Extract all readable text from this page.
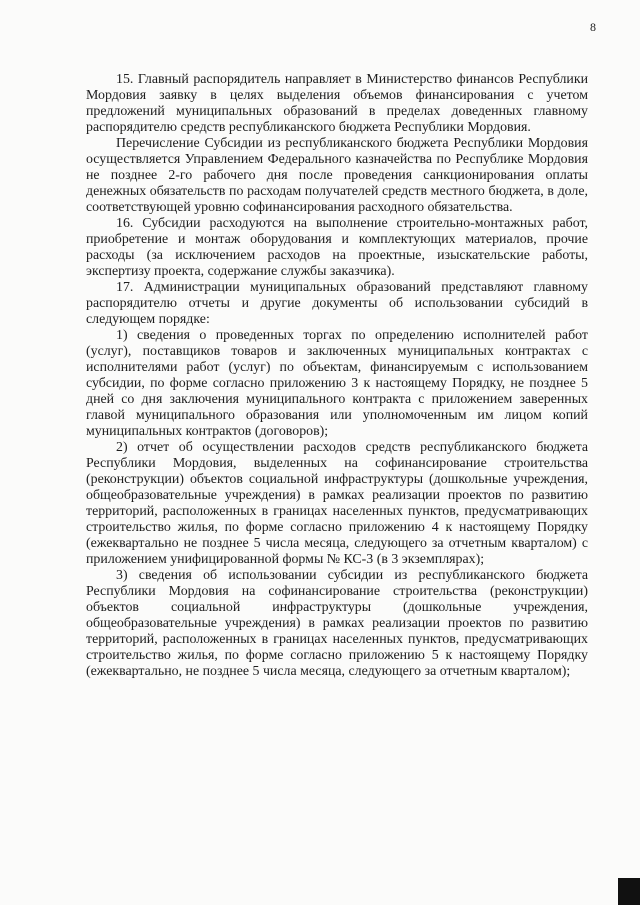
8

15. Главный распорядитель направляет в Министерство финансов Республики Мордовия заявку в целях выделения объемов финансирования с учетом предложений муниципальных образований в пределах доведенных главному распорядителю средств республиканского бюджета Республики Мордовия.

Перечисление Субсидии из республиканского бюджета Республики Мордовия осуществляется Управлением Федерального казначейства по Республике Мордовия не позднее 2-го рабочего дня после проведения санкционирования оплаты денежных обязательств по расходам получателей средств местного бюджета, в доле, соответствующей уровню софинансирования расходного обязательства.

16. Субсидии расходуются на выполнение строительно-монтажных работ, приобретение и монтаж оборудования и комплектующих материалов, прочие расходы (за исключением расходов на проектные, изыскательские работы, экспертизу проекта, содержание службы заказчика).

17. Администрации муниципальных образований представляют главному распорядителю отчеты и другие документы об использовании субсидий в следующем порядке:

1) сведения о проведенных торгах по определению исполнителей работ (услуг), поставщиков товаров и заключенных муниципальных контрактах с исполнителями работ (услуг) по объектам, финансируемым с использованием субсидии, по форме согласно приложению 3 к настоящему Порядку, не позднее 5 дней со дня заключения муниципального контракта с приложением заверенных главой муниципального образования или уполномоченным им лицом копий муниципальных контрактов (договоров);

2) отчет об осуществлении расходов средств республиканского бюджета Республики Мордовия, выделенных на софинансирование строительства (реконструкции) объектов социальной инфраструктуры (дошкольные учреждения, общеобразовательные учреждения) в рамках реализации проектов по развитию территорий, расположенных в границах населенных пунктов, предусматривающих строительство жилья, по форме согласно приложению 4 к настоящему Порядку (ежеквартально не позднее 5 числа месяца, следующего за отчетным кварталом) с приложением унифицированной формы № КС-3 (в 3 экземплярах);

3) сведения об использовании субсидии из республиканского бюджета Республики Мордовия на софинансирование строительства (реконструкции) объектов социальной инфраструктуры (дошкольные учреждения, общеобразовательные учреждения) в рамках реализации проектов по развитию территорий, расположенных в границах населенных пунктов, предусматривающих строительство жилья, по форме согласно приложению 5 к настоящему Порядку (ежеквартально, не позднее 5 числа месяца, следующего за отчетным кварталом);
